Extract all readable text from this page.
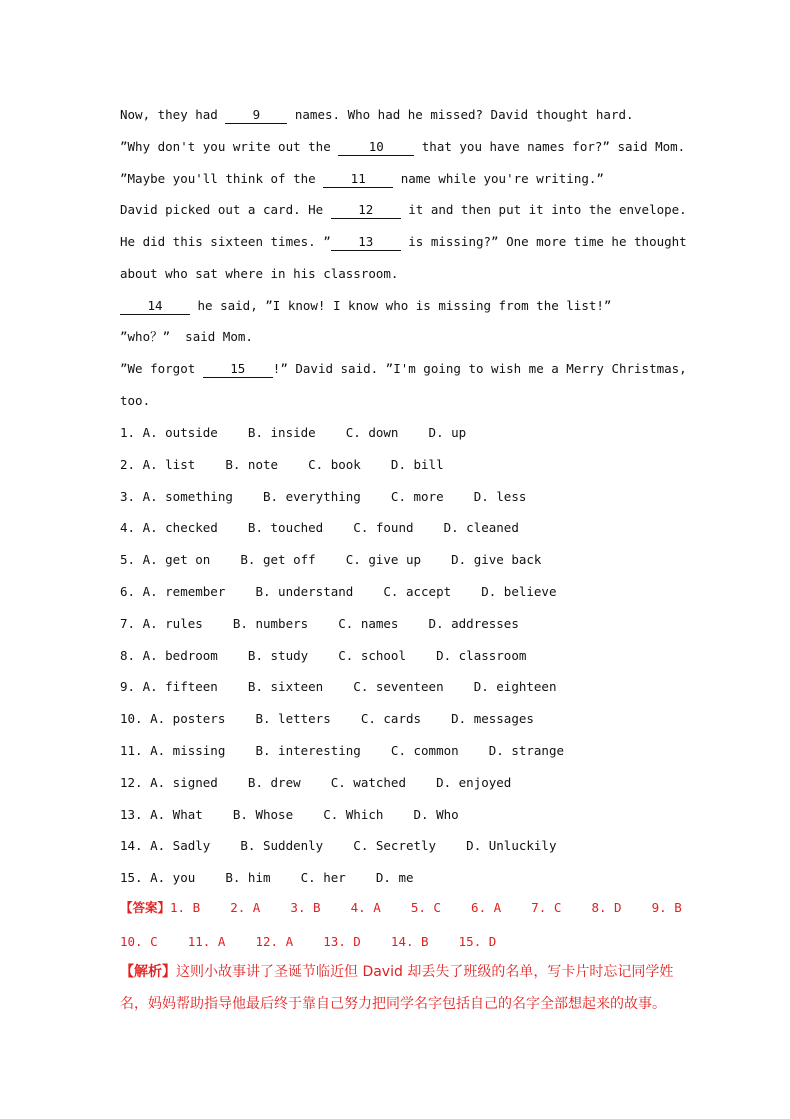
Now, they had 9 names. Who had he missed? David thought hard.
”Why don't you write out the 10 that you have names for?” said Mom.
”Maybe you'll think of the 11 name while you're writing.”
David picked out a card. He 12 it and then put it into the envelope.
He did this sixteen times. ” 13 is missing?” One more time he thought
about who sat where in his classroom.
14 he said, ”I know! I know who is missing from the list!”
”who？”  said Mom.
”We forgot 15 !” David said. ”I'm going to wish me a Merry Christmas,
too.
1. A. outside    B. inside    C. down    D. up
2. A. list    B. note    C. book    D. bill
3. A. something    B. everything    C. more    D. less
4. A. checked    B. touched    C. found    D. cleaned
5. A. get on    B. get off    C. give up    D. give back
6. A. remember    B. understand    C. accept    D. believe
7. A. rules    B. numbers    C. names    D. addresses
8. A. bedroom    B. study    C. school    D. classroom
9. A. fifteen    B. sixteen    C. seventeen    D. eighteen
10. A. posters    B. letters    C. cards    D. messages
11. A. missing    B. interesting    C. common    D. strange
12. A. signed    B. drew    C. watched    D. enjoyed
13. A. What    B. Whose    C. Which    D. Who
14. A. Sadly    B. Suddenly    C. Secretly    D. Unluckily
15. A. you    B. him    C. her    D. me
【答案】1. B    2. A    3. B    4. A    5. C    6. A    7. C    8. D    9. B
10. C    11. A    12. A    13. D    14. B    15. D
【解析】这则小故事讲了圣诞节临近但 David 却丢失了班级的名单，写卡片时忘记同学姓
名，妈妈帮助指导他最后终于靠自己努力把同学名字包括自己的名字全部想起来的故事。
